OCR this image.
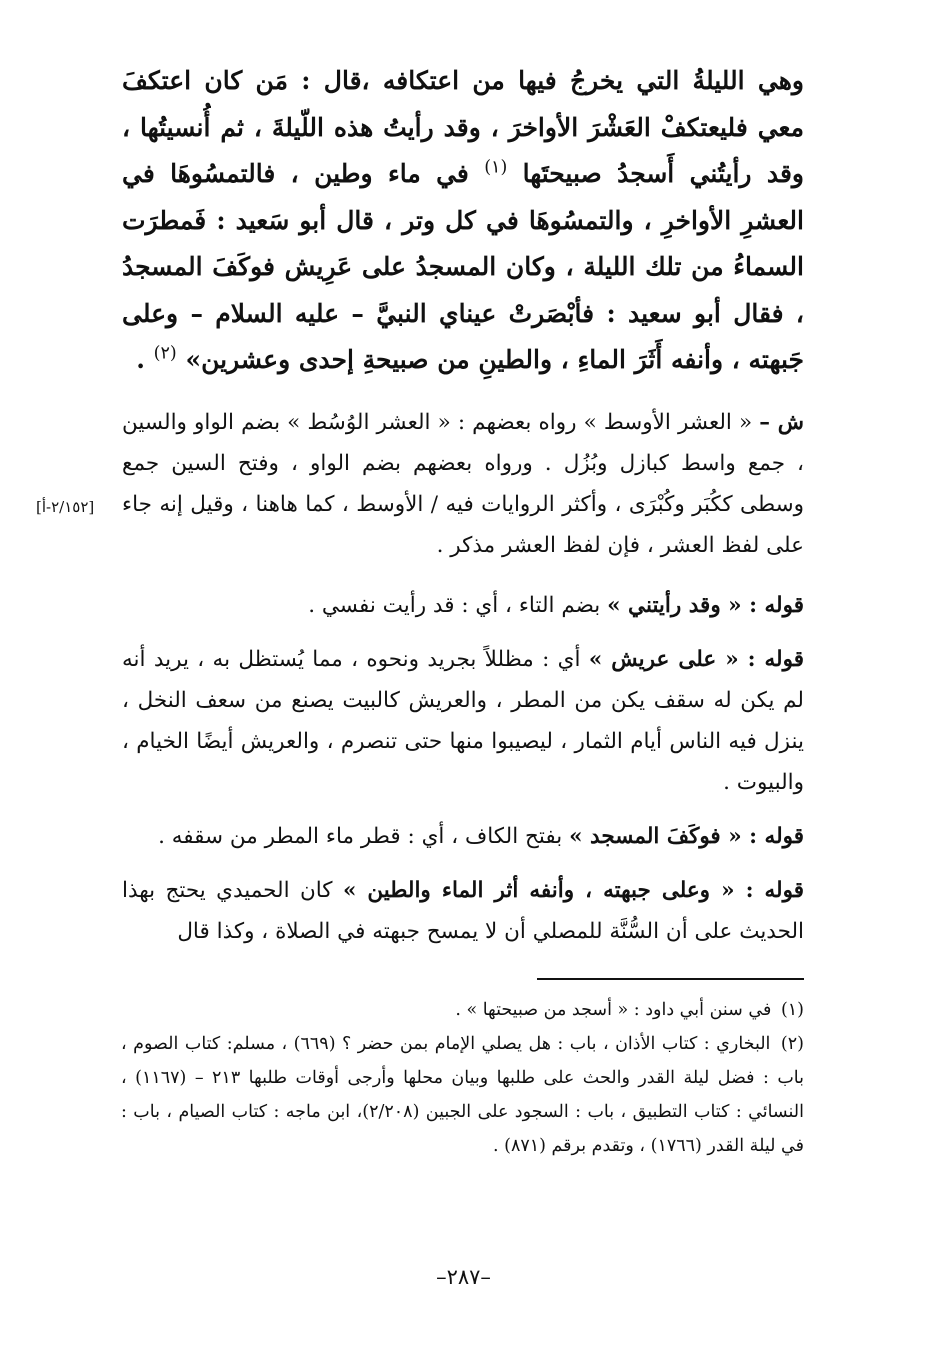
وهي الليلةُ التي يخرجُ فيها من اعتكافه ،قال : مَن كان اعتكفَ معي فليعتكفْ العَشْرَ الأواخرَ ، وقد رأيتُ هذه اللّيلةَ ، ثم أُنسيتُها ، وقد رأيتُني أَسجدُ صبيحتَها $^{(١)}$ في ماء وطين ، فالتمسُوهَا في العشرِ الأواخرِ ، والتمسُوهَا في كل وتر ، قال أبو سَعيد : فَمطرَت السماءُ من تلك الليلة ، وكان المسجدُ على عَرِيش فوكَفَ المسجدُ ، فقال أبو سعيد : فأبْصَرتْ عيناي النبيَّ – عليه السلام – وعلى جَبهته ، وأنفه أَثَرَ الماءِ ، والطينِ من صبيحةِ إحدى وعشرين» $^{(٢)}$ .
ش – « العشر الأوسط » رواه بعضهم : « العشر الوُسُط » بضم الواو والسين ، جمع واسط كبازل وبُزُل . ورواه بعضهم بضم الواو ، وفتح السين جمع وسطى ككُبَر وكُبْرَى ، وأكثر الروايات فيه / الأوسط ، كما هاهنا ، وقيل إنه جاء على لفظ العشر ، فإن لفظ العشر مذكر .
[٢/١٥٢-أ]
قوله : « وقد رأيتني » بضم التاء ، أي : قد رأيت نفسي .
قوله : « على عريش » أي : مظللاً بجريد ونحوه ، مما يُستظل به ، يريد أنه لم يكن له سقف يكن من المطر ، والعريش كالبيت يصنع من سعف النخل ، ينزل فيه الناس أيام الثمار ، ليصيبوا منها حتى تنصرم ، والعريش أيضًا الخيام ، والبيوت .
قوله : « فوكَفَ المسجد » بفتح الكاف ، أي : قطر ماء المطر من سقفه .
قوله : « وعلى جبهته ، وأنفه أثر الماء والطين » كان الحميدي يحتج بهذا الحديث على أن السُّنَّة للمصلي أن لا يمسح جبهته في الصلاة ، وكذا قال

(١) في سنن أبي داود : « أسجد من صبيحتها » .

(٢) البخاري : كتاب الأذان ، باب : هل يصلي الإمام بمن حضر ؟ (٦٦٩) ، مسلم: كتاب الصوم ، باب : فضل ليلة القدر والحث على طلبها وبيان محلها وأرجى أوقات طلبها ٢١٣ – (١١٦٧) ، النسائي : كتاب التطبيق ، باب : السجود على الجبين (٢/٢٠٨)، ابن ماجه : كتاب الصيام ، باب : في ليلة القدر (١٧٦٦) ، وتقدم برقم (٨٧١) .

–٢٨٧–
